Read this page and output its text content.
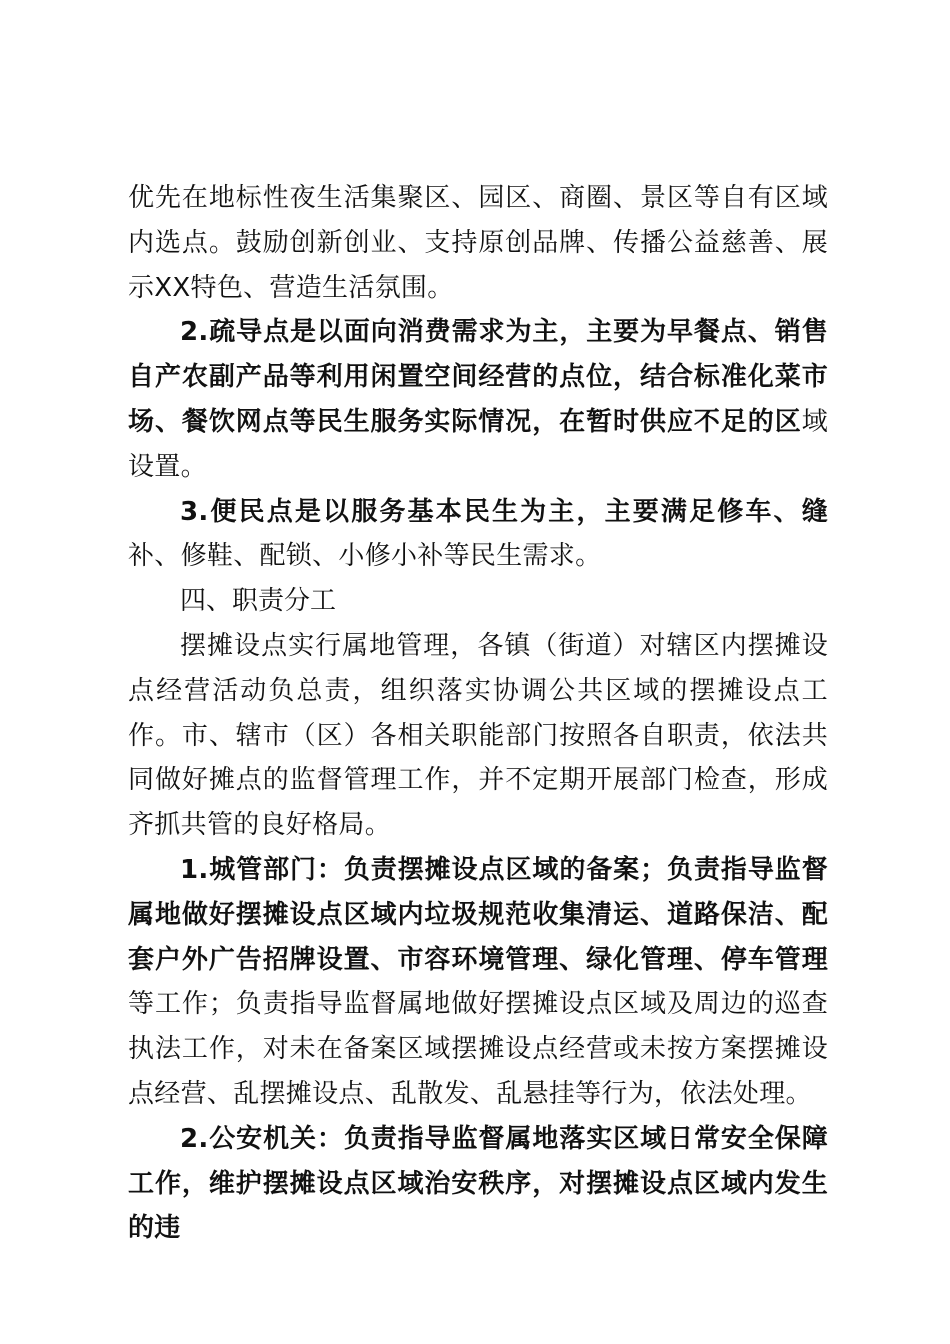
优先在地标性夜生活集聚区、园区、商圈、景区等自有区域内选点。鼓励创新创业、支持原创品牌、传播公益慈善、展示XX特色、营造生活氛围。

2.疏导点是以面向消费需求为主，主要为早餐点、销售自产农副产品等利用闲置空间经营的点位，结合标准化菜市场、餐饮网点等民生服务实际情况，在暂时供应不足的区域设置。

3.便民点是以服务基本民生为主，主要满足修车、缝补、修鞋、配锁、小修小补等民生需求。

四、职责分工

摆摊设点实行属地管理，各镇（街道）对辖区内摆摊设点经营活动负总责，组织落实协调公共区域的摆摊设点工作。市、辖市（区）各相关职能部门按照各自职责，依法共同做好摊点的监督管理工作，并不定期开展部门检查，形成齐抓共管的良好格局。

1.城管部门：负责摆摊设点区域的备案；负责指导监督属地做好摆摊设点区域内垃圾规范收集清运、道路保洁、配套户外广告招牌设置、市容环境管理、绿化管理、停车管理等工作；负责指导监督属地做好摆摊设点区域及周边的巡查执法工作，对未在备案区域摆摊设点经营或未按方案摆摊设点经营、乱摆摊设点、乱散发、乱悬挂等行为，依法处理。

2.公安机关：负责指导监督属地落实区域日常安全保障工作，维护摆摊设点区域治安秩序，对摆摊设点区域内发生的违
